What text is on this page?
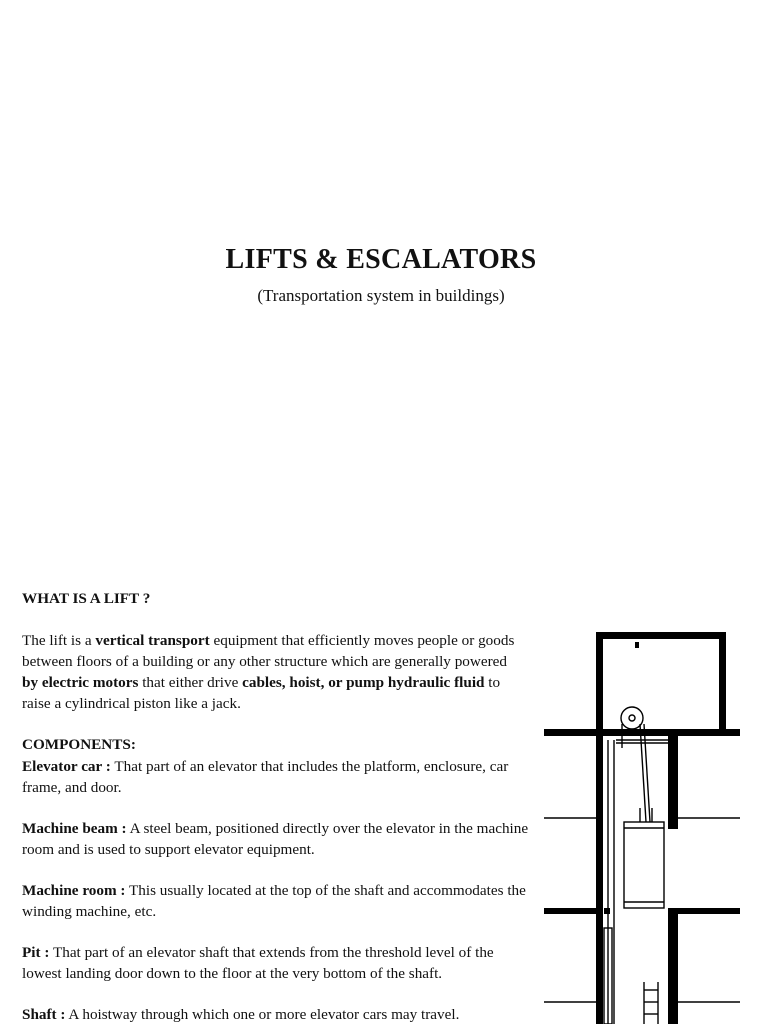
LIFTS & ESCALATORS
(Transportation system in buildings)
WHAT IS A LIFT ?

The lift is a vertical transport equipment that efficiently moves people or goods between floors of a building or any other structure which are generally powered by electric motors that either drive cables, hoist, or pump hydraulic fluid to raise a cylindrical piston like a jack.

COMPONENTS:

Elevator car : That part of an elevator that includes the platform, enclosure, car frame, and door.

Machine beam : A steel beam, positioned directly over the elevator in the machine room and is used to support elevator equipment.

Machine room : This usually located at the top of the shaft and accommodates the winding machine, etc.

Pit : That part of an elevator shaft that extends from the threshold level of the lowest landing door down to the floor at the very bottom of the shaft.

Shaft : A hoistway through which one or more elevator cars may travel.
